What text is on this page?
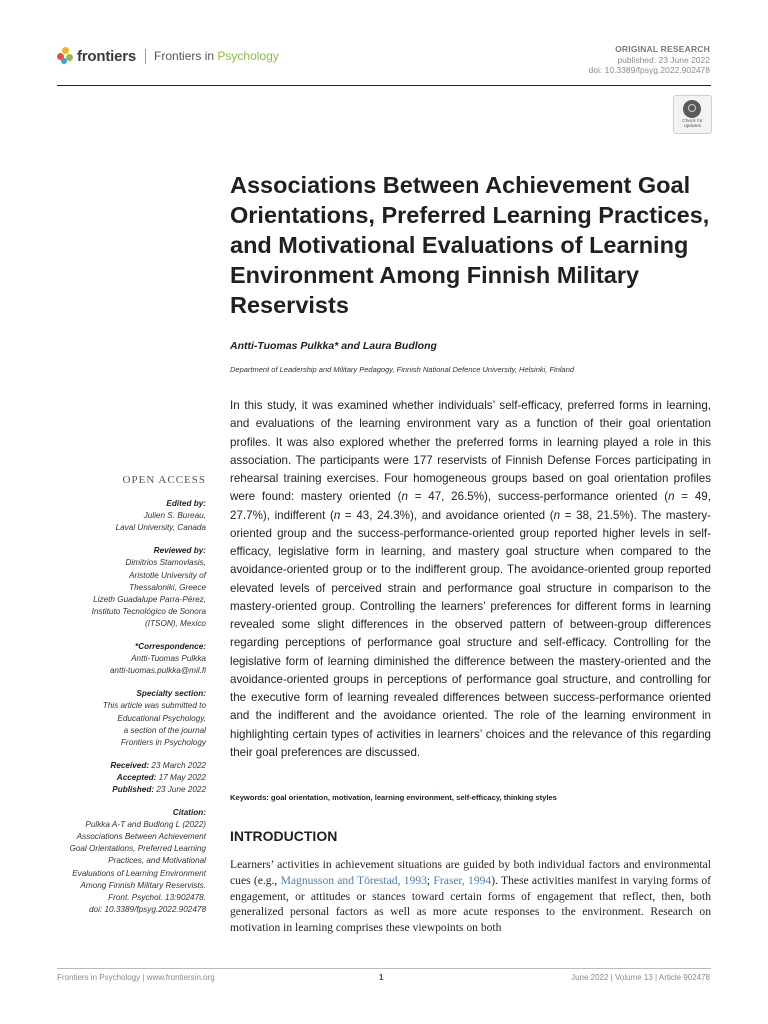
frontiers Frontiers in Psychology	ORIGINAL RESEARCH
published: 23 June 2022
doi: 10.3389/fpsyg.2022.902478
Check for
updates
Associations Between Achievement Goal Orientations, Preferred Learning Practices, and Motivational Evaluations of Learning Environment Among Finnish Military Reservists
Antti-Tuomas Pulkka* and Laura Budlong
Department of Leadership and Military Pedagogy, Finnish National Defence University, Helsinki, Finland

In this study, it was examined whether individuals’ self-efficacy, preferred forms in learning, and evaluations of the learning environment vary as a function of their goal orientation profiles. It was also explored whether the preferred forms in learning played a role in this association. The participants were 177 reservists of Finnish Defense Forces participating in rehearsal training exercises. Four homogeneous groups based on goal orientation profiles were found: mastery oriented (n = 47, 26.5%), success-performance oriented (n = 49, 27.7%), indifferent (n = 43, 24.3%), and avoidance oriented (n = 38, 21.5%). The mastery-oriented group and the success-performance-oriented group reported higher levels in self-efficacy, legislative form in learning, and mastery goal structure when compared to the avoidance-oriented group or to the indifferent group. The avoidance-oriented group reported elevated levels of perceived strain and performance goal structure in comparison to the mastery-oriented group. Controlling the learners’ preferences for different forms in learning revealed some slight differences in the observed pattern of between-group differences regarding perceptions of performance goal structure and self-efficacy. Controlling for the legislative form of learning diminished the difference between the mastery-oriented and the avoidance-oriented groups in perceptions of performance goal structure, and controlling for the executive form of learning revealed differences between success-performance oriented and the indifferent and the avoidance oriented. The role of the learning environment in highlighting certain types of activities in learners’ choices and the relevance of this regarding their goal preferences are discussed.

Keywords: goal orientation, motivation, learning environment, self-efficacy, thinking styles
INTRODUCTION

Learners’ activities in achievement situations are guided by both individual factors and environmental cues (e.g., Magnusson and Törestad, 1993; Fraser, 1994). These activities manifest in varying forms of engagement, or attitudes or stances toward certain forms of engagement that reflect, then, both generalized personal factors as well as more acute responses to the environment. Research on motivation in learning comprises these viewpoints on both

OPEN ACCESS
Edited by:
Julien S. Bureau,
Laval University, Canada
Reviewed by:
Dimitrios Stamovlasis,
Aristotle University of
Thessaloniki, Greece
Lizeth Guadalupe Parra-Pérez,
Instituto Tecnológico de Sonora
(ITSON), Mexico
*Correspondence:
Antti-Tuomas Pulkka
antti-tuomas.pulkka@mil.fi
Specialty section:
This article was submitted to
Educational Psychology,
a section of the journal
Frontiers in Psychology
Received: 23 March 2022
Accepted: 17 May 2022
Published: 23 June 2022
Citation:
Pulkka A-T and Budlong L (2022)
Associations Between Achievement
Goal Orientations, Preferred Learning
Practices, and Motivational
Evaluations of Learning Environment
Among Finnish Military Reservists.
Front. Psychol. 13:902478.
doi: 10.3389/fpsyg.2022.902478
Frontiers in Psychology | www.frontiersin.org	1	June 2022 | Volume 13 | Article 902478
